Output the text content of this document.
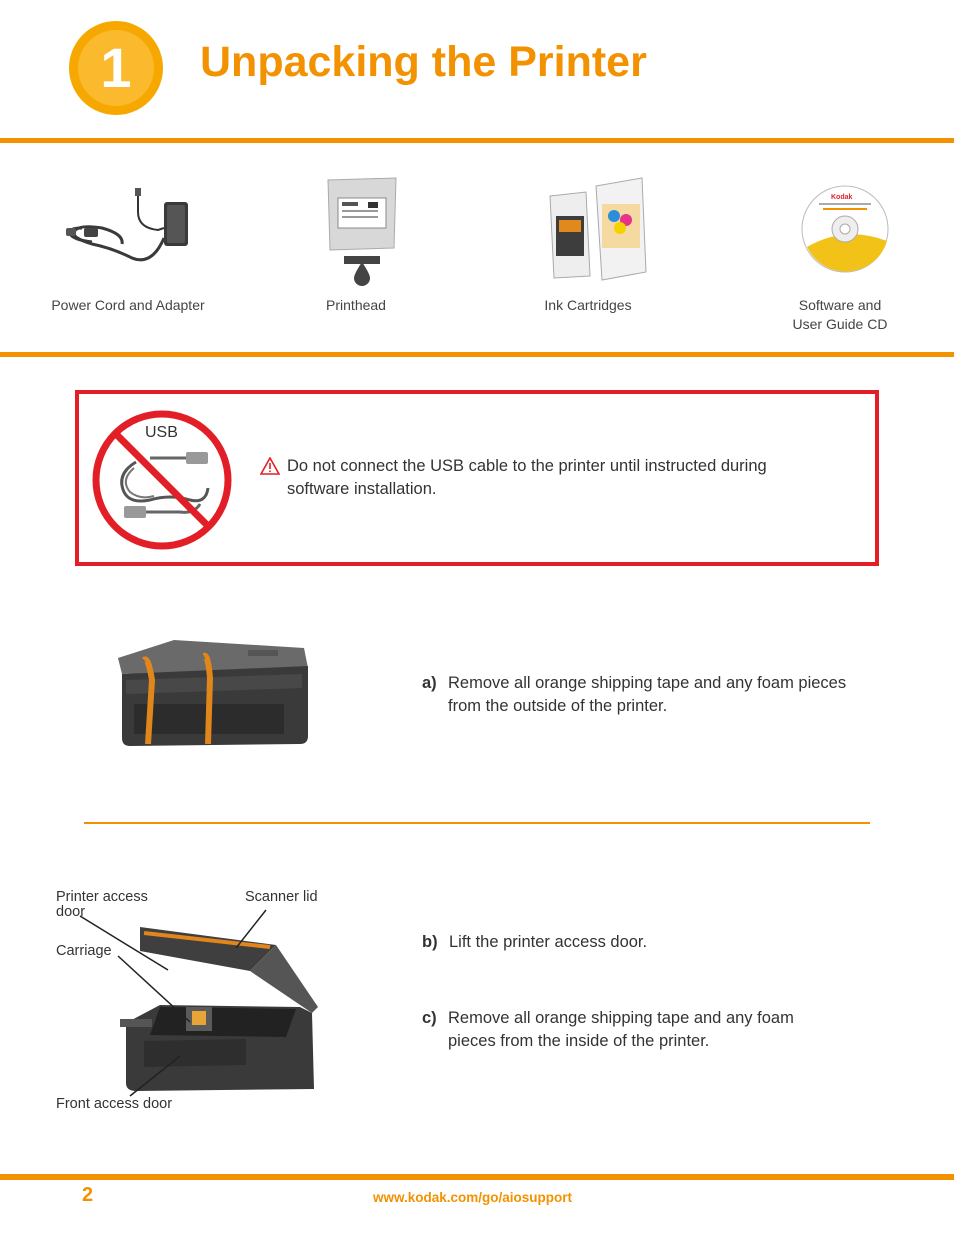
1 Unpacking the Printer
Power Cord and Adapter	Printhead	Ink Cartridges
Kodak
Software and
User Guide CD
USB
Do not connect the USB cable to the printer until instructed during software installation.
a) Remove all orange shipping tape and any foam pieces
from the outside of the printer.
Printer access
door
Scanner lid
Carriage
Front access door
b) Lift the printer access door.
c) Remove all orange shipping tape and any foam
pieces from the inside of the printer.
2	www.kodak.com/go/aiosupport
